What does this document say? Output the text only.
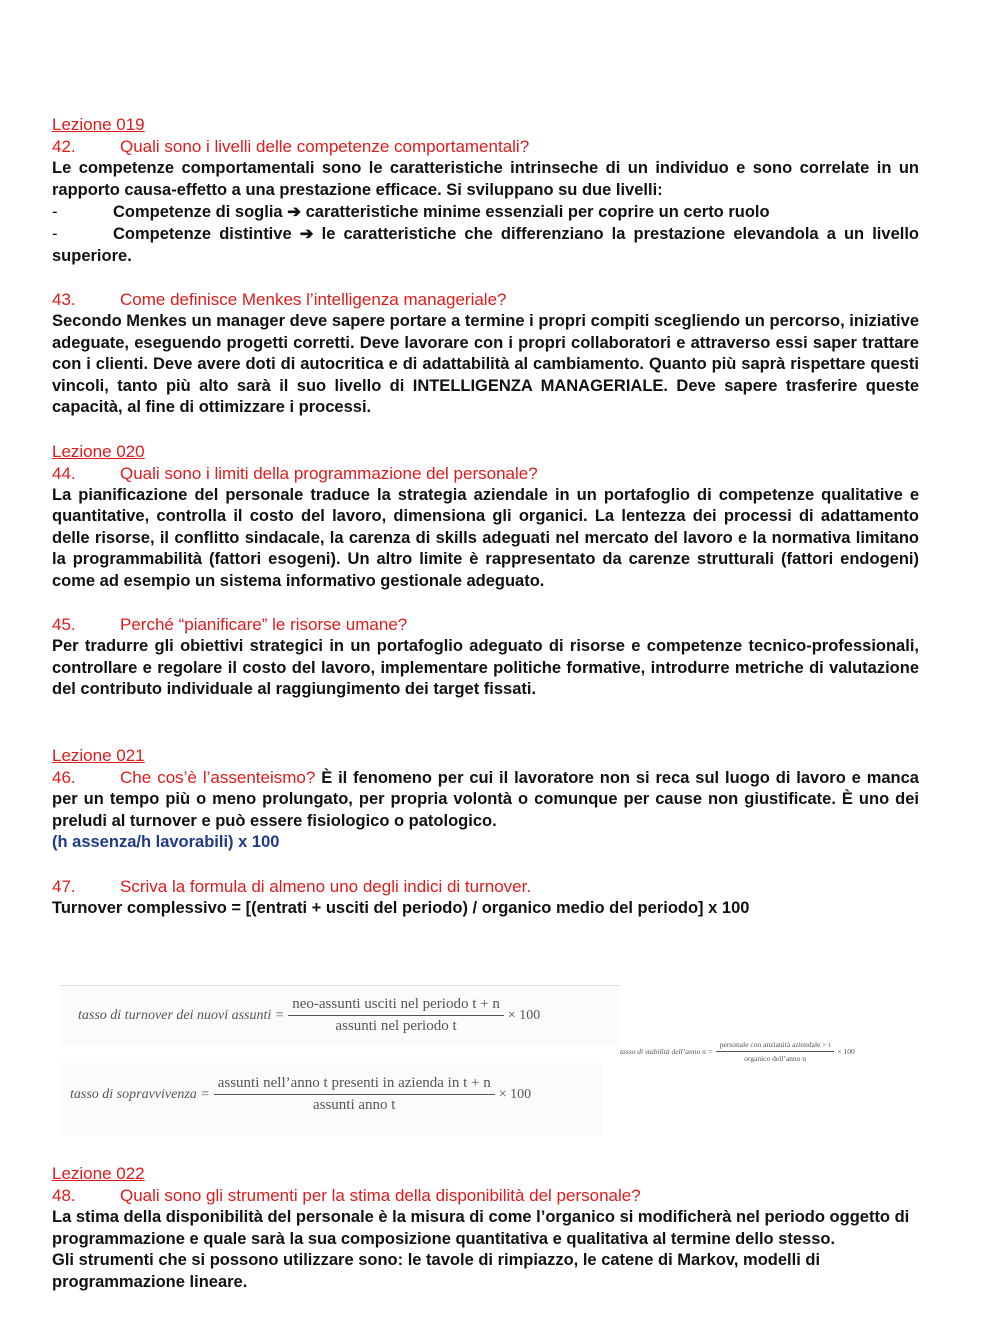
Lezione 019
42.	Quali sono i livelli delle competenze comportamentali?
Le competenze comportamentali sono le caratteristiche intrinseche di un individuo e sono correlate in un rapporto causa-effetto a una prestazione efficace. Si sviluppano su due livelli:
-	Competenze di soglia ➔ caratteristiche minime essenziali per coprire un certo ruolo
-	Competenze distintive ➔ le caratteristiche che differenziano la prestazione elevandola a un livello superiore.
43.	Come definisce Menkes l’intelligenza manageriale?
Secondo Menkes un manager deve sapere portare a termine i propri compiti scegliendo un percorso, iniziative adeguate, eseguendo progetti corretti. Deve lavorare con i propri collaboratori e attraverso essi saper trattare con i clienti. Deve avere doti di autocritica e di adattabilità al cambiamento. Quanto più saprà rispettare questi vincoli, tanto più alto sarà il suo livello di INTELLIGENZA MANAGERIALE. Deve sapere trasferire queste capacità, al fine di ottimizzare i processi.
Lezione 020
44.	Quali sono i limiti della programmazione del personale?
La pianificazione del personale traduce la strategia aziendale in un portafoglio di competenze qualitative e quantitative, controlla il costo del lavoro, dimensiona gli organici. La lentezza dei processi di adattamento delle risorse, il conflitto sindacale, la carenza di skills adeguati nel mercato del lavoro e la normativa limitano la programmabilità (fattori esogeni). Un altro limite è rappresentato da carenze strutturali (fattori endogeni) come ad esempio un sistema informativo gestionale adeguato.
45.	Perché “pianificare” le risorse umane?
Per tradurre gli obiettivi strategici in un portafoglio adeguato di risorse e competenze tecnico-professionali, controllare e regolare il costo del lavoro, implementare politiche formative, introdurre metriche di valutazione del contributo individuale al raggiungimento dei target fissati.
Lezione 021
46.	Che cos’è l’assenteismo? È il fenomeno per cui il lavoratore non si reca sul luogo di lavoro e manca per un tempo più o meno prolungato, per propria volontà o comunque per cause non giustificate. È uno dei preludi al turnover e può essere fisiologico o patologico.
(h assenza/h lavorabili) x 100
47.	Scriva la formula di almeno uno degli indici di turnover.
Turnover complessivo = [(entrati + usciti del periodo) / organico medio del periodo] x 100
tasso di turnover dei nuovi assunti = $\frac{\text{neo-assunti usciti nel periodo t + n}}{\text{assunti nel periodo t}} \times 100$
tasso di sopravvivenza = $\frac{\text{assunti nell’anno t presenti in azienda in t + n}}{\text{assunti anno t}} \times 100$
tasso di stabilità dell’anno $n = \frac{\text{personale con anzianità aziendale > t}}{\text{organico dell’anno n}} \times 100$
Lezione 022
48.	Quali sono gli strumenti per la stima della disponibilità del personale?
La stima della disponibilità del personale è la misura di come l’organico si modificherà nel periodo oggetto di programmazione e quale sarà la sua composizione quantitativa e qualitativa al termine dello stesso.
Gli strumenti che si possono utilizzare sono: le tavole di rimpiazzo, le catene di Markov, modelli di programmazione lineare.
